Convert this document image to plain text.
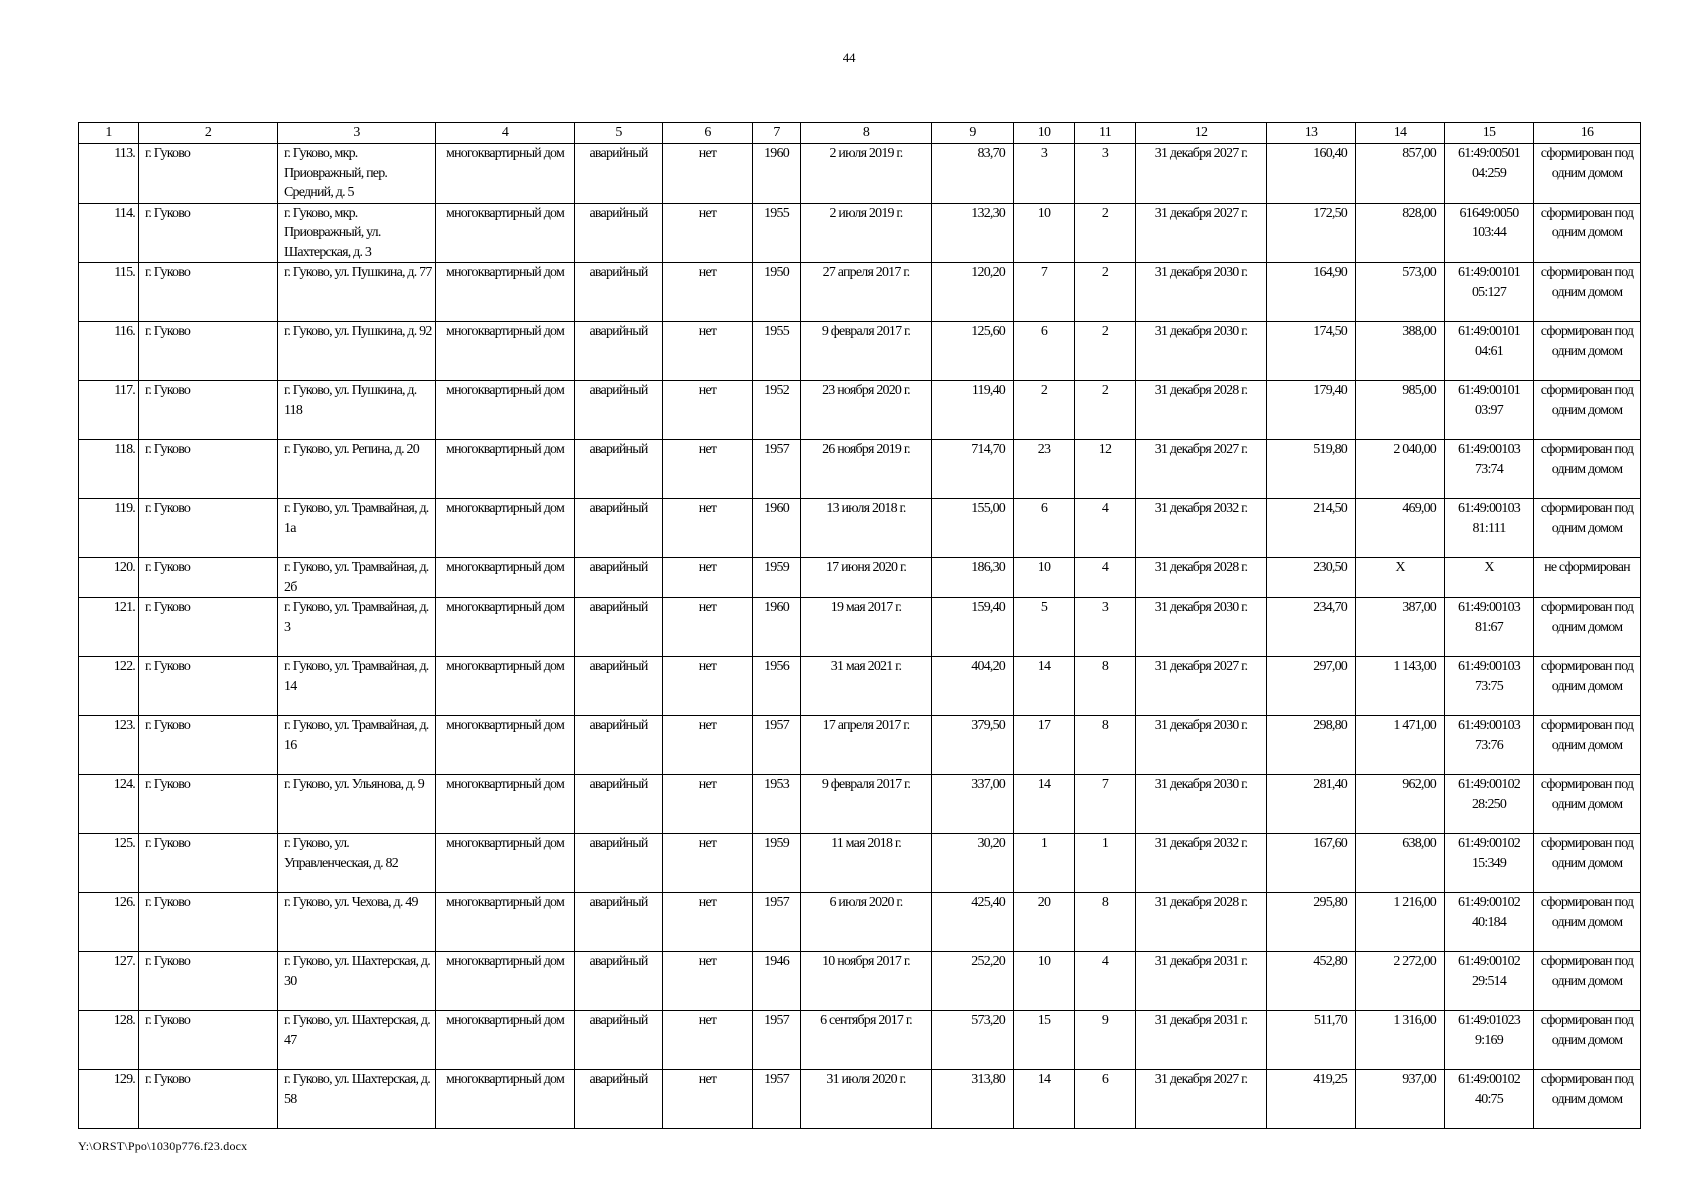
44
1	2	3	4	5	6	7	8	9	10	11	12	13	14	15	16
113.	г. Гуково	г. Гуково, мкр. Приовражный, пер. Средний, д. 5	многоквартирный дом	аварийный	нет	1960	2 июля 2019 г.	83,70	3	3	31 декабря 2027 г.	160,40	857,00	61:49:00501 04:259	сформирован под одним домом
114.	г. Гуково	г. Гуково, мкр. Приовражный, ул. Шахтерская, д. 3	многоквартирный дом	аварийный	нет	1955	2 июля 2019 г.	132,30	10	2	31 декабря 2027 г.	172,50	828,00	61649:0050 103:44	сформирован под одним домом
115.	г. Гуково	г. Гуково, ул. Пушкина, д. 77	многоквартирный дом	аварийный	нет	1950	27 апреля 2017 г.	120,20	7	2	31 декабря 2030 г.	164,90	573,00	61:49:00101 05:127	сформирован под одним домом
116.	г. Гуково	г. Гуково, ул. Пушкина, д. 92	многоквартирный дом	аварийный	нет	1955	9 февраля 2017 г.	125,60	6	2	31 декабря 2030 г.	174,50	388,00	61:49:00101 04:61	сформирован под одним домом
117.	г. Гуково	г. Гуково, ул. Пушкина, д. 118	многоквартирный дом	аварийный	нет	1952	23 ноября 2020 г.	119,40	2	2	31 декабря 2028 г.	179,40	985,00	61:49:00101 03:97	сформирован под одним домом
118.	г. Гуково	г. Гуково, ул. Репина, д. 20	многоквартирный дом	аварийный	нет	1957	26 ноября 2019 г.	714,70	23	12	31 декабря 2027 г.	519,80	2 040,00	61:49:00103 73:74	сформирован под одним домом
119.	г. Гуково	г. Гуково, ул. Трамвайная, д. 1а	многоквартирный дом	аварийный	нет	1960	13 июля 2018 г.	155,00	6	4	31 декабря 2032 г.	214,50	469,00	61:49:00103 81:111	сформирован под одним домом
120.	г. Гуково	г. Гуково, ул. Трамвайная, д. 2б	многоквартирный дом	аварийный	нет	1959	17 июня 2020 г.	186,30	10	4	31 декабря 2028 г.	230,50	X	X	не сформирован
121.	г. Гуково	г. Гуково, ул. Трамвайная, д. 3	многоквартирный дом	аварийный	нет	1960	19 мая 2017 г.	159,40	5	3	31 декабря 2030 г.	234,70	387,00	61:49:00103 81:67	сформирован под одним домом
122.	г. Гуково	г. Гуково, ул. Трамвайная, д. 14	многоквартирный дом	аварийный	нет	1956	31 мая 2021 г.	404,20	14	8	31 декабря 2027 г.	297,00	1 143,00	61:49:00103 73:75	сформирован под одним домом
123.	г. Гуково	г. Гуково, ул. Трамвайная, д. 16	многоквартирный дом	аварийный	нет	1957	17 апреля 2017 г.	379,50	17	8	31 декабря 2030 г.	298,80	1 471,00	61:49:00103 73:76	сформирован под одним домом
124.	г. Гуково	г. Гуково, ул. Ульянова, д. 9	многоквартирный дом	аварийный	нет	1953	9 февраля 2017 г.	337,00	14	7	31 декабря 2030 г.	281,40	962,00	61:49:00102 28:250	сформирован под одним домом
125.	г. Гуково	г. Гуково, ул. Управленческая, д. 82	многоквартирный дом	аварийный	нет	1959	11 мая 2018 г.	30,20	1	1	31 декабря 2032 г.	167,60	638,00	61:49:00102 15:349	сформирован под одним домом
126.	г. Гуково	г. Гуково, ул. Чехова, д. 49	многоквартирный дом	аварийный	нет	1957	6 июля 2020 г.	425,40	20	8	31 декабря 2028 г.	295,80	1 216,00	61:49:00102 40:184	сформирован под одним домом
127.	г. Гуково	г. Гуково, ул. Шахтерская, д. 30	многоквартирный дом	аварийный	нет	1946	10 ноября 2017 г.	252,20	10	4	31 декабря 2031 г.	452,80	2 272,00	61:49:00102 29:514	сформирован под одним домом
128.	г. Гуково	г. Гуково, ул. Шахтерская, д. 47	многоквартирный дом	аварийный	нет	1957	6 сентября 2017 г.	573,20	15	9	31 декабря 2031 г.	511,70	1 316,00	61:49:01023 9:169	сформирован под одним домом
129.	г. Гуково	г. Гуково, ул. Шахтерская, д. 58	многоквартирный дом	аварийный	нет	1957	31 июля 2020 г.	313,80	14	6	31 декабря 2027 г.	419,25	937,00	61:49:00102 40:75	сформирован под одним домом
Y:\ORST\Ppo\1030p776.f23.docx
